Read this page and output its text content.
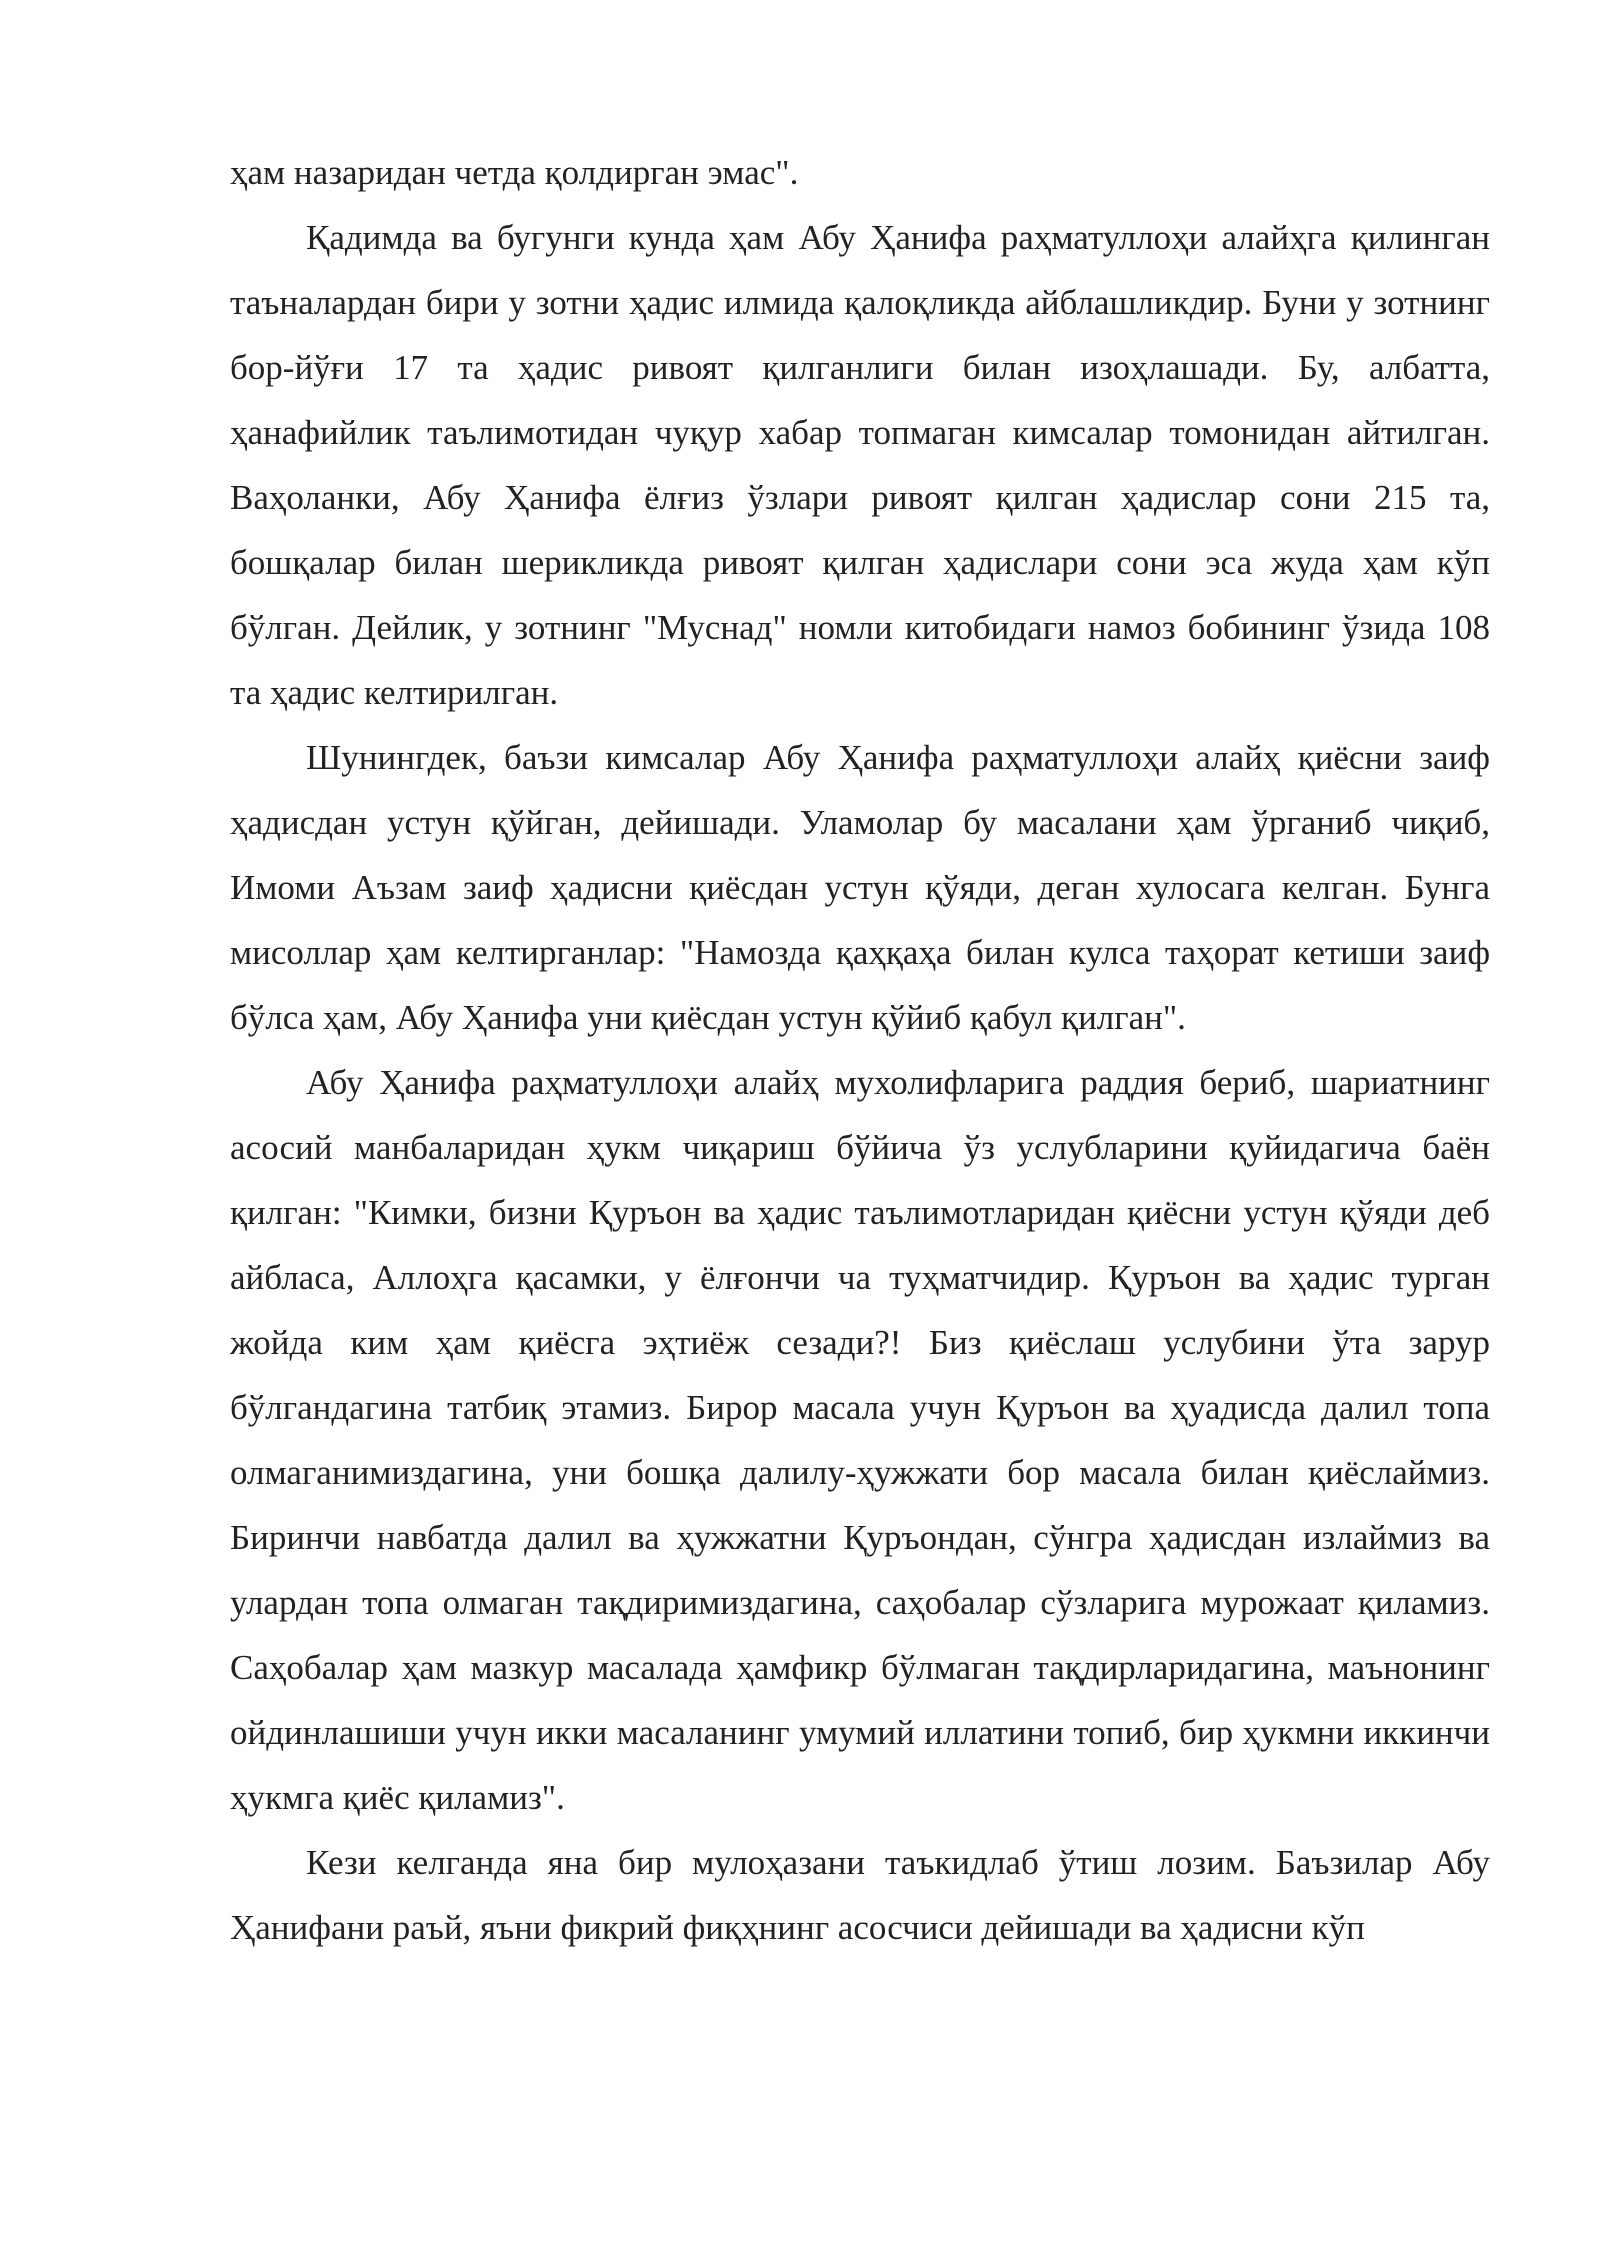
ҳам назаридан четда қолдирган эмас".

Қадимда ва бугунги кунда ҳам Абу Ҳанифа раҳматуллоҳи алайҳга қилинган таъналардан бири у зотни ҳадис илмида қалоқликда айблашликдир. Буни у зотнинг бор-йўғи 17 та ҳадис ривоят қилганлиги билан изоҳлашади. Бу, албатта, ҳанафийлик таълимотидан чуқур хабар топмаган кимсалар томонидан айтилган. Ваҳоланки, Абу Ҳанифа ёлғиз ўзлари ривоят қилган ҳадислар сони 215 та, бошқалар билан шерикликда ривоят қилган ҳадислари сони эса жуда ҳам кўп бўлган. Дейлик, у зотнинг "Муснад" номли китобидаги намоз бобининг ўзида 108 та ҳадис келтирилган.

Шунингдек, баъзи кимсалар Абу Ҳанифа раҳматуллоҳи алайҳ қиёсни заиф ҳадисдан устун қўйган, дейишади. Уламолар бу масалани ҳам ўрганиб чиқиб, Имоми Аъзам заиф ҳадисни қиёсдан устун қўяди, деган хулосага келган. Бунга мисоллар ҳам келтирганлар: "Намозда қаҳқаҳа билан кулса таҳорат кетиши заиф бўлса ҳам, Абу Ҳанифа уни қиёсдан устун қўйиб қабул қилган".

Абу Ҳанифа раҳматуллоҳи алайҳ мухолифларига раддия бериб, шариатнинг асосий манбаларидан ҳукм чиқариш бўйича ўз услубларини қуйидагича баён қилган: "Кимки, бизни Қуръон ва ҳадис таълимотларидан қиёсни устун қўяди деб айбласа, Аллоҳга қасамки, у ёлғончи ча туҳматчидир. Қуръон ва ҳадис турган жойда ким ҳам қиёсга эҳтиёж сезади?! Биз қиёслаш услубини ўта зарур бўлгандагина татбиқ этамиз. Бирор масала учун Қуръон ва ҳуадисда далил топа олмаганимиздагина, уни бошқа далилу-ҳужжати бор масала билан қиёслаймиз. Биринчи навбатда далил ва ҳужжатни Қуръондан, сўнгра ҳадисдан излаймиз ва улардан топа олмаган тақдиримиздагина, саҳобалар сўзларига мурожаат қиламиз. Саҳобалар ҳам мазкур масалада ҳамфикр бўлмаган тақдирларидагина, маънонинг ойдинлашиши учун икки масаланинг умумий иллатини топиб, бир ҳукмни иккинчи ҳукмга қиёс қиламиз".

Кези келганда яна бир мулоҳазани таъкидлаб ўтиш лозим. Баъзилар Абу Ҳанифани раъй, яъни фикрий фиқҳнинг асосчиси дейишади ва ҳадисни кўп
